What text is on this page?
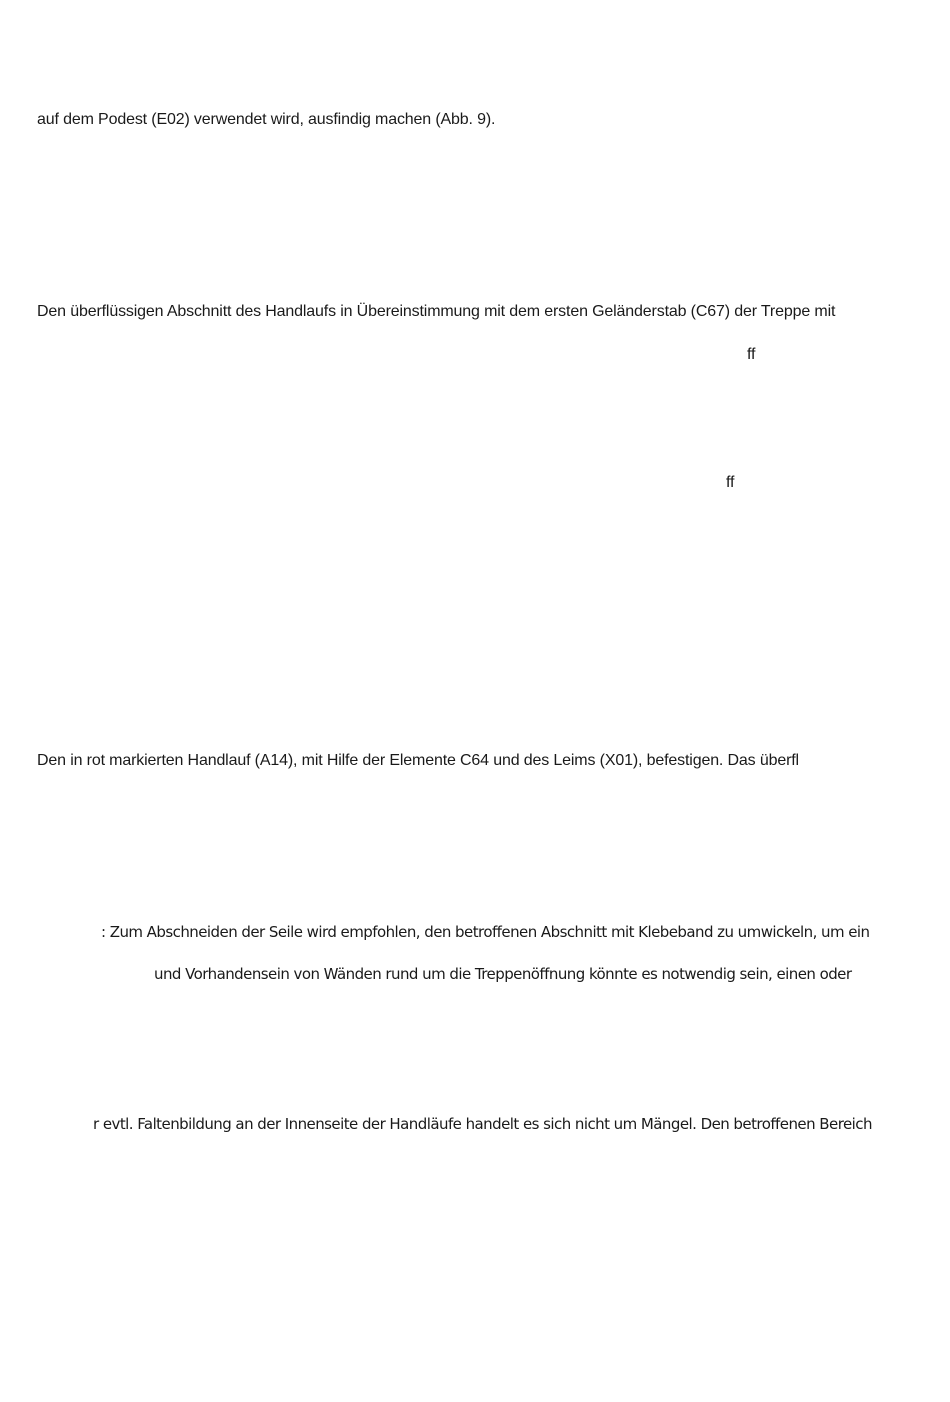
auf dem Podest (E02) verwendet wird, ausfindig machen (Abb. 9).

Den überflüssigen Abschnitt des Handlaufs in Übereinstimmung mit dem ersten Geländerstab (C67) der Treppe mit

ff

ff

Den in rot markierten Handlauf (A14), mit Hilfe der Elemente C64 und des Leims (X01), befestigen. Das überfl

: Zum Abschneiden der Seile wird empfohlen, den betroffenen Abschnitt mit Klebeband zu umwickeln, um ein

und Vorhandensein von Wänden rund um die Treppenöffnung könnte es notwendig sein, einen oder

r evtl. Faltenbildung an der Innenseite der Handläufe handelt es sich nicht um Mängel. Den betroffenen Bereich
